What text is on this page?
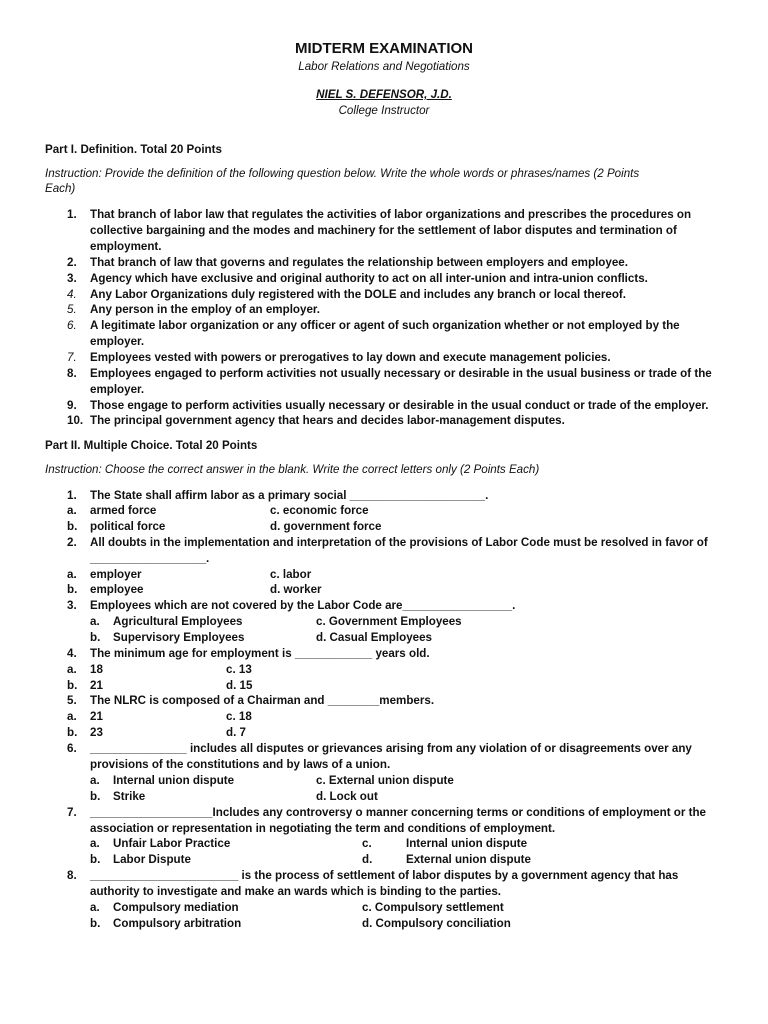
MIDTERM EXAMINATION
Labor Relations and Negotiations
NIEL S. DEFENSOR, J.D.
College Instructor
Part I. Definition. Total 20 Points
Instruction: Provide the definition of the following question below. Write the whole words or phrases/names (2 Points
Each)
1. That branch of labor law that regulates the activities of labor organizations and prescribes the procedures on
collective bargaining and the modes and machinery for the settlement of labor disputes and termination of
employment.
2. That branch of law that governs and regulates the relationship between employers and employee.
3. Agency which have exclusive and original authority to act on all inter-union and intra-union conflicts.
4. Any Labor Organizations duly registered with the DOLE and includes any branch or local thereof.
5. Any person in the employ of an employer.
6. A legitimate labor organization or any officer or agent of such organization whether or not employed by the
employer.
7. Employees vested with powers or prerogatives to lay down and execute management policies.
8. Employees engaged to perform activities not usually necessary or desirable in the usual business or trade of the
employer.
9. Those engage to perform activities usually necessary or desirable in the usual conduct or trade of the employer.
10. The principal government agency that hears and decides labor-management disputes.
Part II. Multiple Choice. Total 20 Points
Instruction: Choose the correct answer in the blank. Write the correct letters only (2 Points Each)
1. The State shall affirm labor as a primary social _____________________.
a. armed force	c. economic force
b. political force	d. government force
2. All doubts in the implementation and interpretation of the provisions of Labor Code must be resolved in favor of
__________________.
a. employer	c. labor
b. employee	d. worker
3. Employees which are not covered by the Labor Code are_________________.
a. Agricultural Employees	c. Government Employees
b. Supervisory Employees	d. Casual Employees
4. The minimum age for employment is ____________ years old.
a. 18	c. 13
b. 21	d. 15
5. The NLRC is composed of a Chairman and ________members.
a. 21	c. 18
b. 23	d. 7
6. _______________ includes all disputes or grievances arising from any violation of or disagreements over any
provisions of the constitutions and by laws of a union.
a. Internal union dispute	c. External union dispute
b. Strike	d. Lock out
7. ___________________Includes any controversy o manner concerning terms or conditions of employment or the
association or representation in negotiating the term and conditions of employment.
a. Unfair Labor Practice	c.	Internal union dispute
b. Labor Dispute	d.	External union dispute
8. _______________________ is the process of settlement of labor disputes by a government agency that has
authority to investigate and make an wards which is binding to the parties.
a. Compulsory mediation	c. Compulsory settlement
b. Compulsory arbitration	d. Compulsory conciliation
